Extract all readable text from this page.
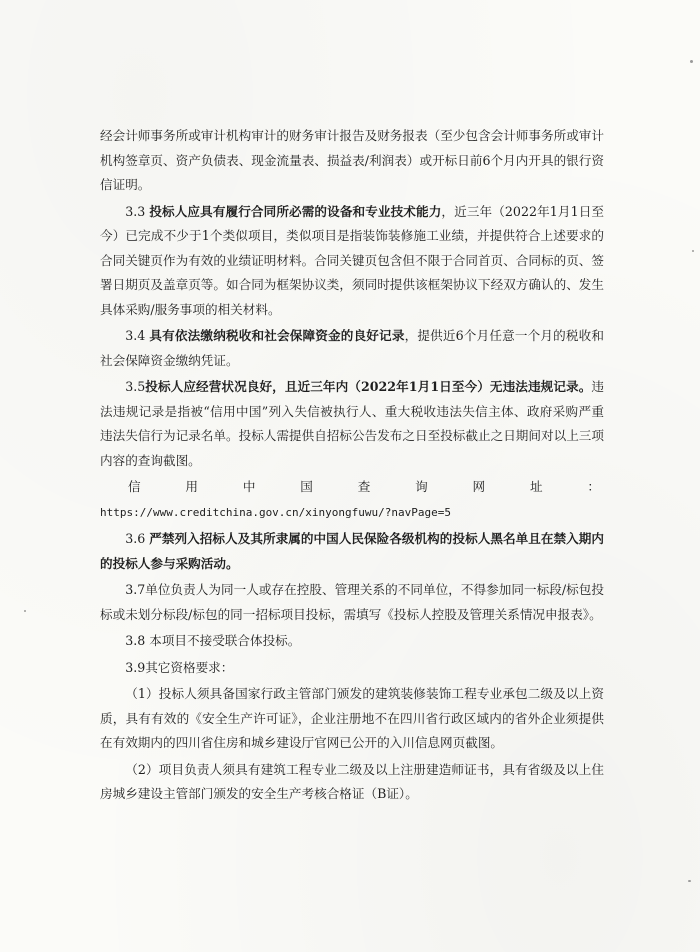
经会计师事务所或审计机构审计的财务审计报告及财务报表（至少包含会计师事务所或审计机构签章页、资产负债表、现金流量表、损益表/利润表）或开标日前6个月内开具的银行资信证明。

3.3 投标人应具有履行合同所必需的设备和专业技术能力，近三年（2022年1月1日至今）已完成不少于1个类似项目，类似项目是指装饰装修施工业绩，并提供符合上述要求的合同关键页作为有效的业绩证明材料。合同关键页包含但不限于合同首页、合同标的页、签署日期页及盖章页等。如合同为框架协议类，须同时提供该框架协议下经双方确认的、发生具体采购/服务事项的相关材料。

3.4 具有依法缴纳税收和社会保障资金的良好记录，提供近6个月任意一个月的税收和社会保障资金缴纳凭证。

3.5投标人应经营状况良好，且近三年内（2022年1月1日至今）无违法违规记录。违法违规记录是指被“信用中国”列入失信被执行人、重大税收违法失信主体、政府采购严重违法失信行为记录名单。投标人需提供自招标公告发布之日至投标截止之日期间对以上三项内容的查询截图。

信	用	中	国	查	询	网	址	：

https://www.creditchina.gov.cn/xinyongfuwu/?navPage=5

3.6 严禁列入招标人及其所隶属的中国人民保险各级机构的投标人黑名单且在禁入期内的投标人参与采购活动。

3.7单位负责人为同一人或存在控股、管理关系的不同单位，不得参加同一标段/标包投标或未划分标段/标包的同一招标项目投标，需填写《投标人控股及管理关系情况申报表》。

3.8 本项目不接受联合体投标。

3.9其它资格要求：

（1）投标人须具备国家行政主管部门颁发的建筑装修装饰工程专业承包二级及以上资质，具有有效的《安全生产许可证》，企业注册地不在四川省行政区域内的省外企业须提供在有效期内的四川省住房和城乡建设厅官网已公开的入川信息网页截图。

（2）项目负责人须具有建筑工程专业二级及以上注册建造师证书，具有省级及以上住房城乡建设主管部门颁发的安全生产考核合格证（B证）。
